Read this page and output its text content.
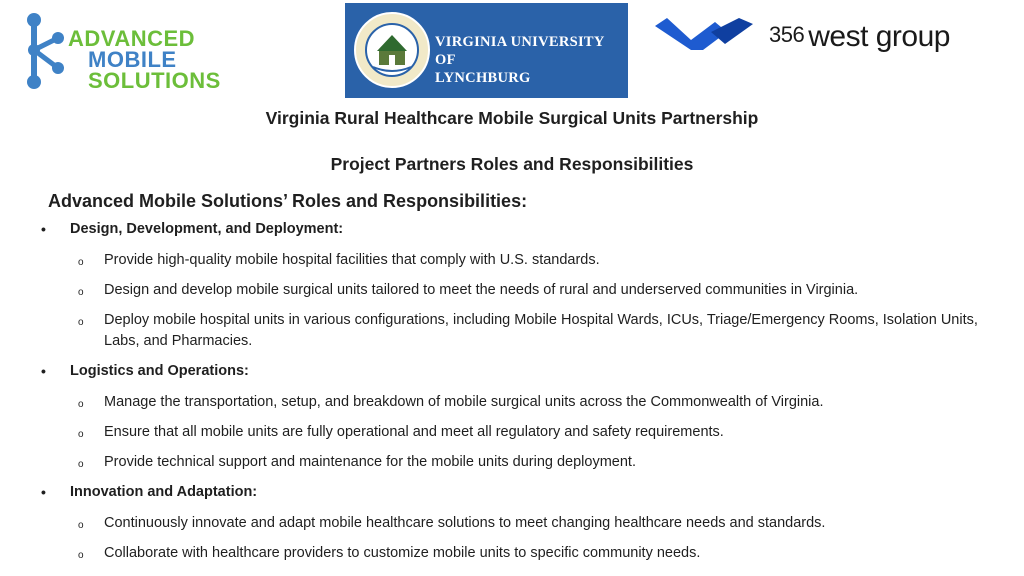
ADVANCED
MOBILE
SOLUTIONS
VIRGINIA UNIVERSITY OF
LYNCHBURG
356 west group
Virginia Rural Healthcare Mobile Surgical Units Partnership
Project Partners Roles and Responsibilities
Advanced Mobile Solutions’ Roles and Responsibilities:
• Design, Development, and Deployment:
o Provide high-quality mobile hospital facilities that comply with U.S. standards.
o Design and develop mobile surgical units tailored to meet the needs of rural and underserved communities in Virginia.
o Deploy mobile hospital units in various configurations, including Mobile Hospital Wards, ICUs, Triage/Emergency Rooms, Isolation Units, Labs, and Pharmacies.
• Logistics and Operations:
o Manage the transportation, setup, and breakdown of mobile surgical units across the Commonwealth of Virginia.
o Ensure that all mobile units are fully operational and meet all regulatory and safety requirements.
o Provide technical support and maintenance for the mobile units during deployment.
• Innovation and Adaptation:
o Continuously innovate and adapt mobile healthcare solutions to meet changing healthcare needs and standards.
o Collaborate with healthcare providers to customize mobile units to specific community needs.
